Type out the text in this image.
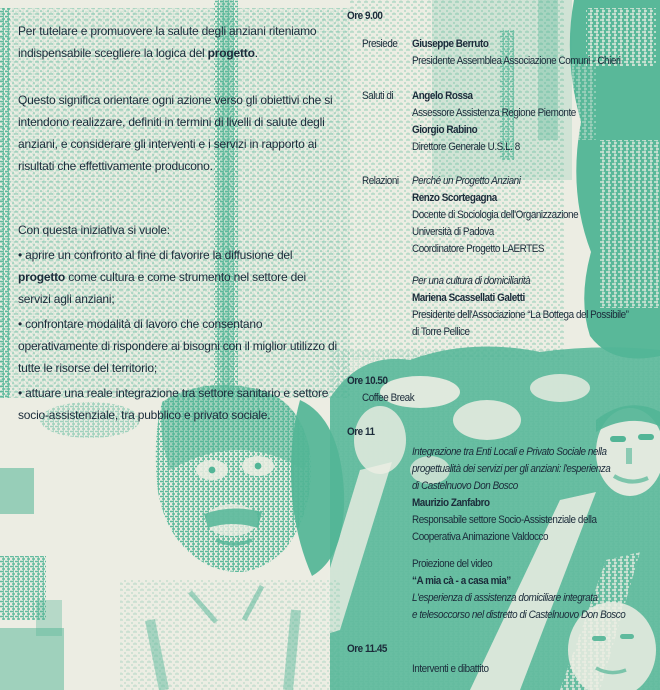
Per tutelare e promuovere la salute degli anziani riteniamo indispensabile scegliere la logica del progetto.

Questo significa orientare ogni azione verso gli obiettivi che si intendono realizzare, definiti in termini di livelli di salute degli anziani, e considerare gli interventi e i servizi in rapporto ai risultati che effettivamente producono.

Con questa iniziativa si vuole:

• aprire un confronto al fine di favorire la diffusione del progetto come cultura e come strumento nel settore dei servizi agli anziani;

• confrontare modalità di lavoro che consentano operativamente di rispondere ai bisogni con il miglior utilizzo di tutte le risorse del territorio;

• attuare una reale integrazione tra settore sanitario e settore socio-assistenziale, tra pubblico e privato sociale.

Ore 9.00
Presiede Giuseppe Berruto
Presidente Assemblea Associazione Comuni - Chieri
Saluti di Angelo Rossa
Assessore Assistenza Regione Piemonte
Giorgio Rabino
Direttore Generale U.S.L. 8
Relazioni Perché un Progetto Anziani
Renzo Scortegagna
Docente di Sociologia dell'Organizzazione
Università di Padova
Coordinatore Progetto LAERTES
Per una cultura di domiciliarità
Mariena Scassellati Galetti
Presidente dell'Associazione “La Bottega del Possibile”
di Torre Pellice
Ore 10.50
Coffee Break
Ore 11
Integrazione tra Enti Locali e Privato Sociale nella
progettualità dei servizi per gli anziani: l'esperienza
di Castelnuovo Don Bosco
Maurizio Zanfabro
Responsabile settore Socio-Assistenziale della
Cooperativa Animazione Valdocco
Proiezione del video
“A mia cà - a casa mia”
L'esperienza di assistenza domiciliare integrata
e telesoccorso nel distretto di Castelnuovo Don Bosco
Ore 11.45
Interventi e dibattito
